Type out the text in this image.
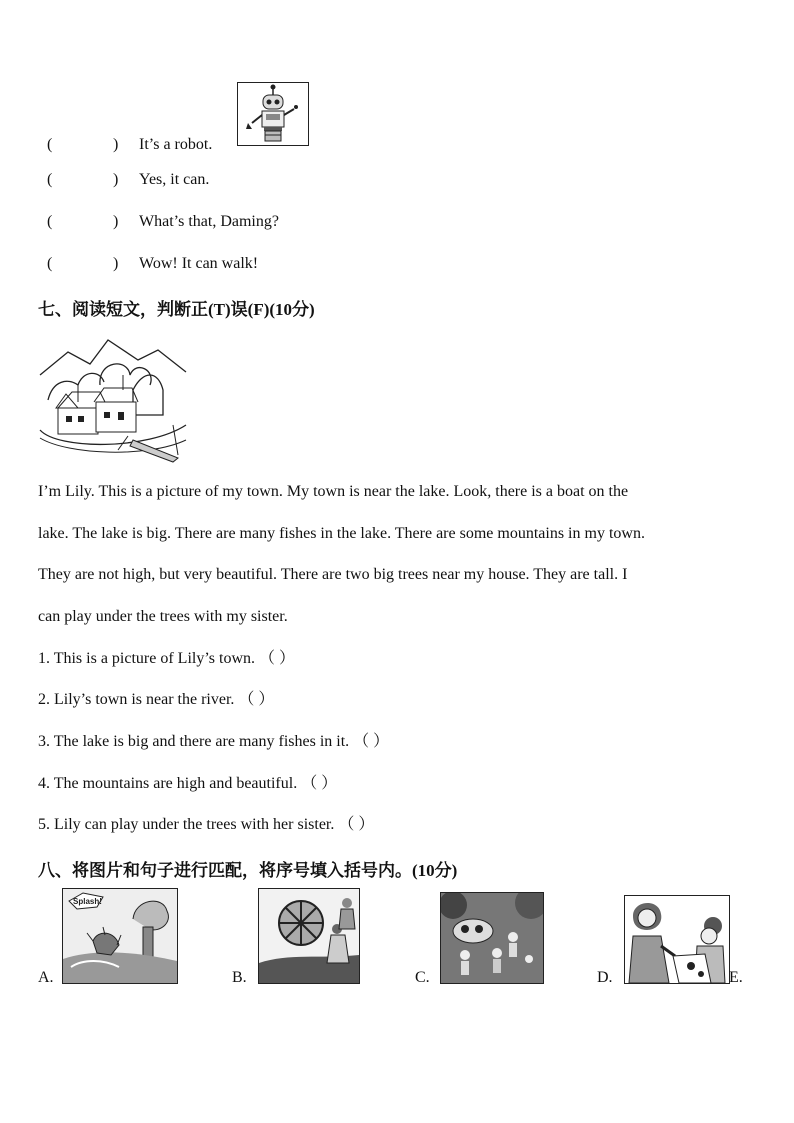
(	) It’s a robot.
(	) Yes, it can.
(	) What’s that, Daming?
(	) Wow! It can walk!
七、阅读短文，判断正(T)误(F)(10分)
I’m Lily. This is a picture of my town. My town is near the lake. Look, there is a boat on the
lake. The lake is big. There are many fishes in the lake. There are some mountains in my town.
They are not high, but very beautiful. There are two big trees near my house. They are tall. I
can play under the trees with my sister.
1. This is a picture of Lily’s town. （ ）
2. Lily’s town is near the river. （ ）
3. The lake is big and there are many fishes in it. （ ）
4. The mountains are high and beautiful. （ ）
5. Lily can play under the trees with her sister. （ ）
八、将图片和句子进行匹配，将序号填入括号内。(10分)
A.
Splash!
B.	C.	D.	E.
